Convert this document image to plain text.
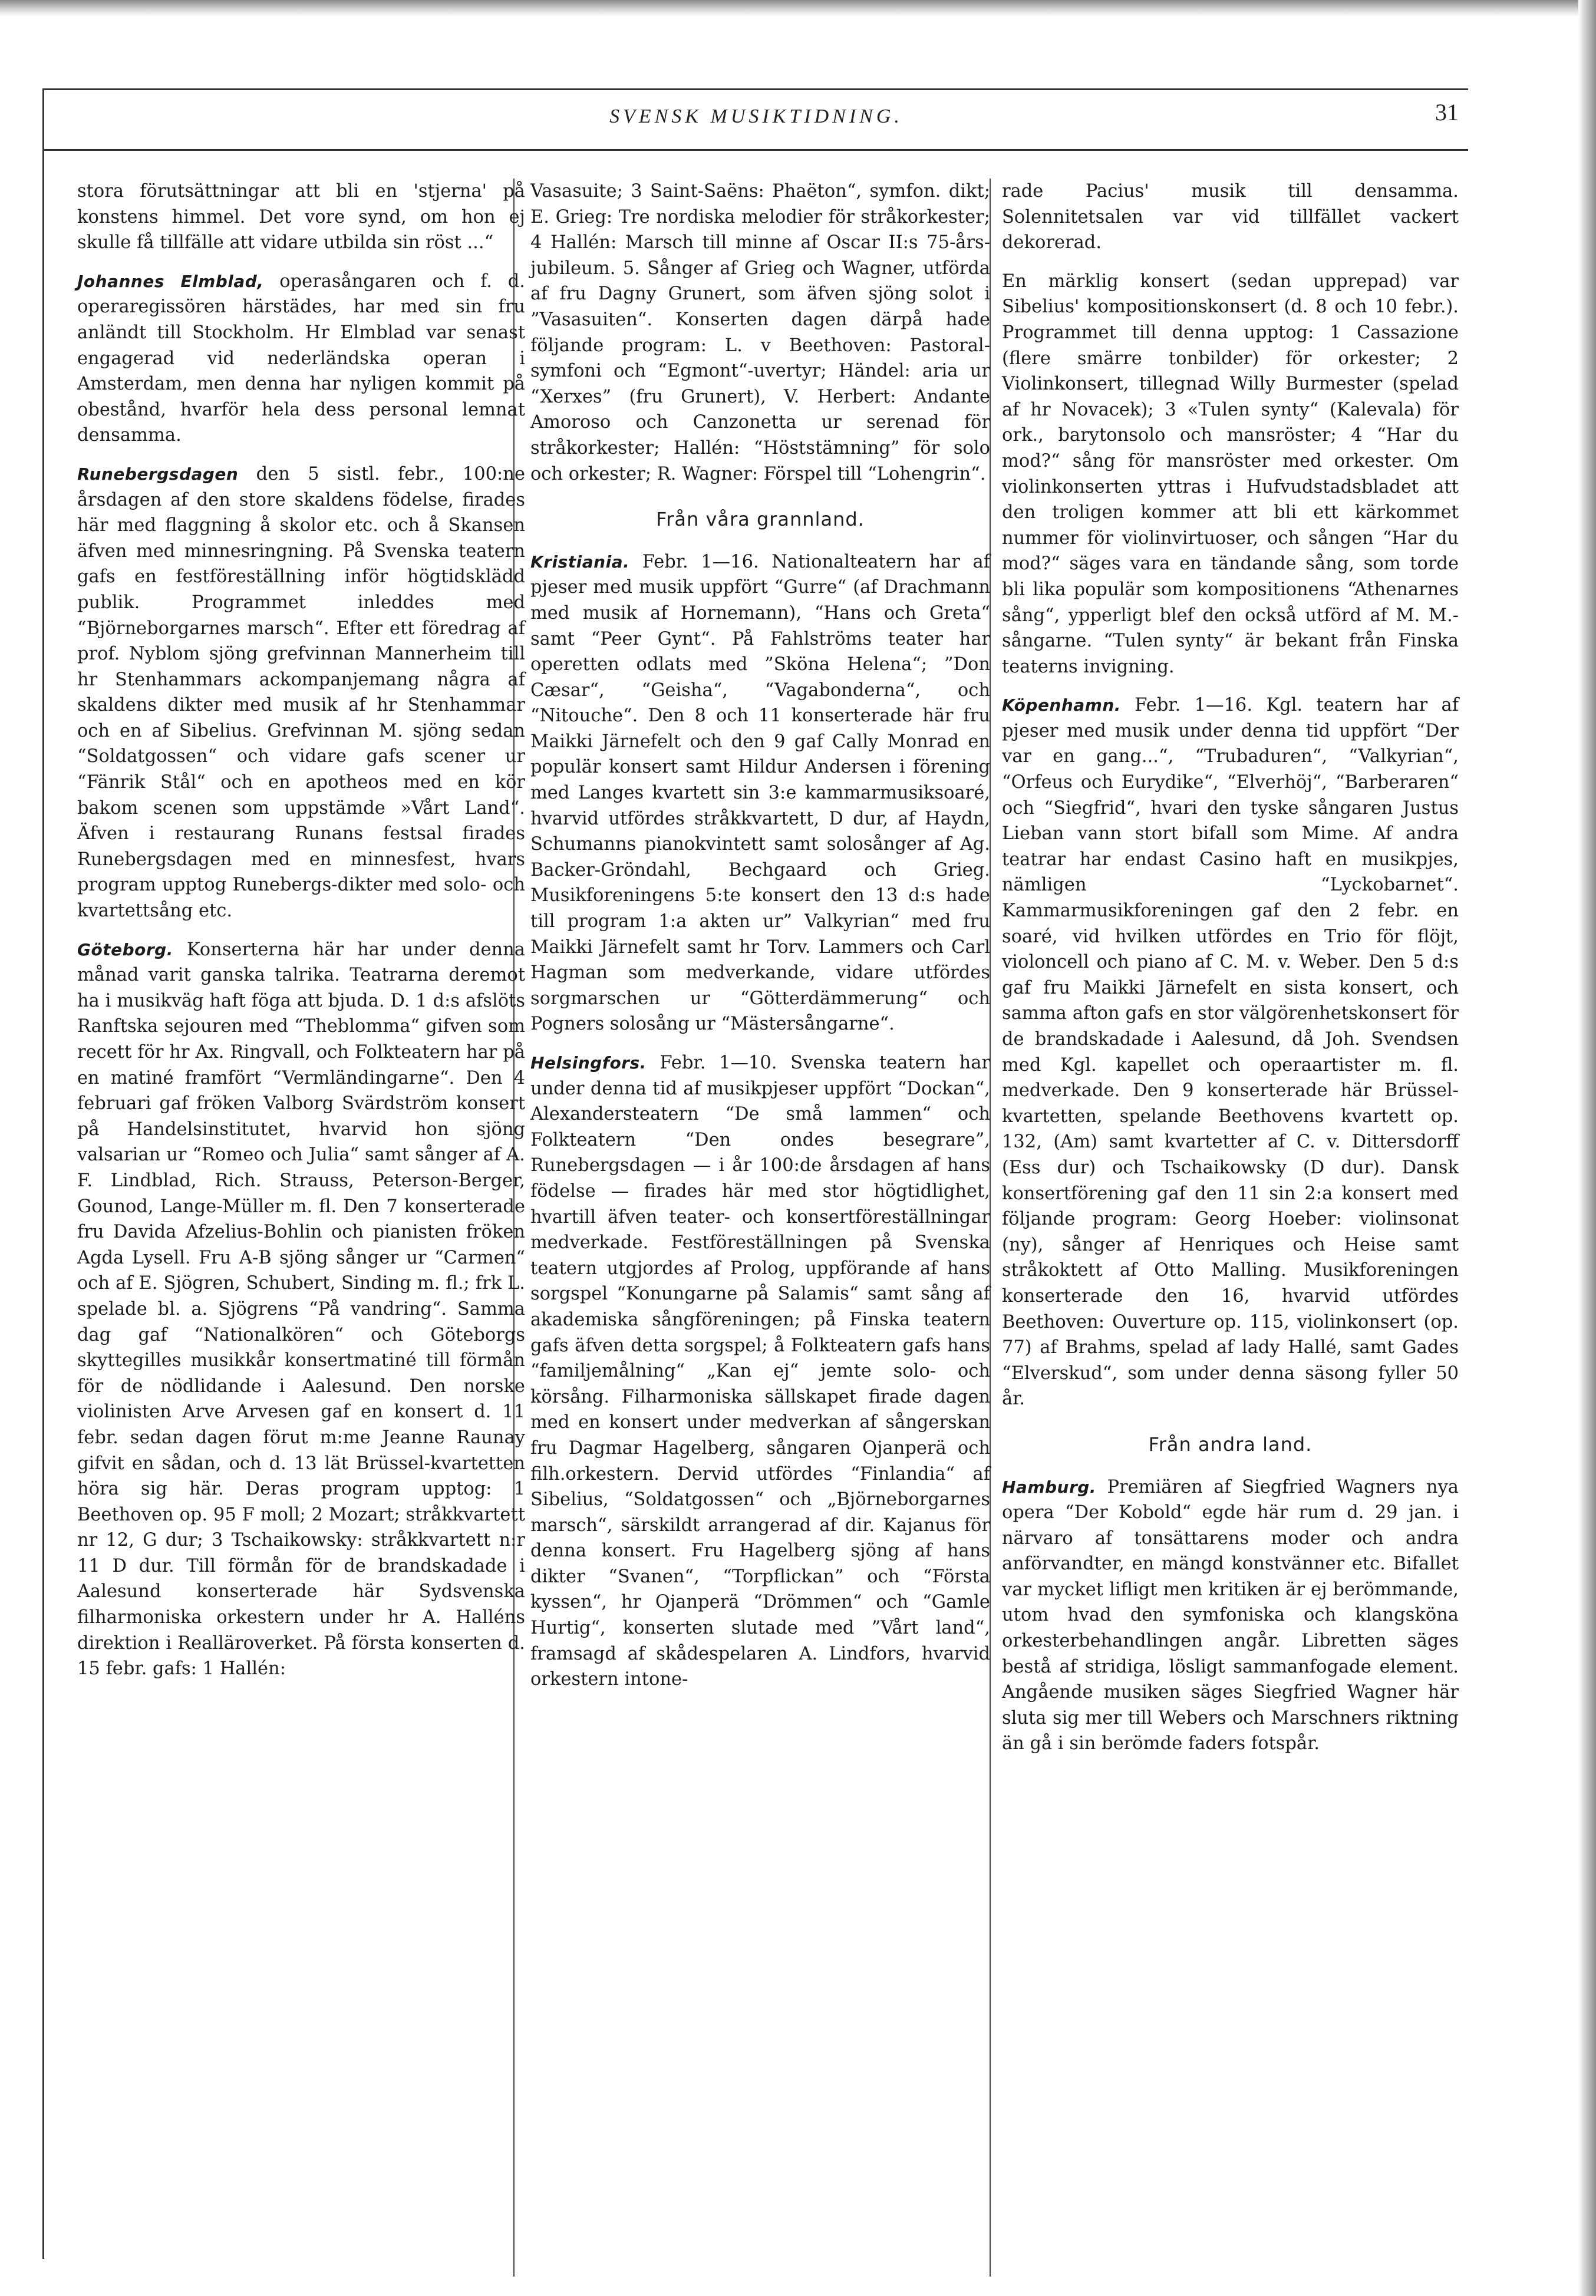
SVENSK MUSIKTIDNING.	31

stora förutsättningar att bli en 'stjerna' på konstens himmel. Det vore synd, om hon ej skulle få tillfälle att vidare utbilda sin röst ...“

Johannes Elmblad, operasångaren och f. d. operaregissören härstädes, har med sin fru anländt till Stockholm. Hr Elmblad var senast engagerad vid nederländska operan i Amsterdam, men denna har nyligen kommit på obestånd, hvarför hela dess personal lemnat densamma.

Runebergsdagen den 5 sistl. febr., 100:ne årsdagen af den store skaldens födelse, firades här med flaggning å skolor etc. och å Skansen äfven med minnesringning. På Svenska teatern gafs en festföreställning inför högtidsklädd publik. Programmet inleddes med “Björneborgarnes marsch“. Efter ett föredrag af prof. Nyblom sjöng grefvinnan Mannerheim till hr Stenhammars ackompanjemang några af skaldens dikter med musik af hr Stenhammar och en af Sibelius. Grefvinnan M. sjöng sedan “Soldatgossen“ och vidare gafs scener ur “Fänrik Stål“ och en apotheos med en kör bakom scenen som uppstämde »Vårt Land“. Äfven i restaurang Runans festsal firades Runebergsdagen med en minnesfest, hvars program upptog Runebergs-dikter med solo- och kvartettsång etc.

Göteborg. Konserterna här har under denna månad varit ganska talrika. Teatrarna deremot ha i musikväg haft föga att bjuda. D. 1 d:s afslöts Ranftska sejouren med “Theblomma“ gifven som recett för hr Ax. Ringvall, och Folkteatern har på en matiné framfört “Vermländingarne“. Den 4 februari gaf fröken Valborg Svärdström konsert på Handelsinstitutet, hvarvid hon sjöng valsarian ur “Romeo och Julia“ samt sånger af A. F. Lindblad, Rich. Strauss, Peterson-Berger, Gounod, Lange-Müller m. fl. Den 7 konserterade fru Davida Afzelius-Bohlin och pianisten fröken Agda Lysell. Fru A-B sjöng sånger ur “Carmen“ och af E. Sjögren, Schubert, Sinding m. fl.; frk L. spelade bl. a. Sjögrens “På vandring“. Samma dag gaf “Nationalkören“ och Göteborgs skyttegilles musikkår konsertmatiné till förmån för de nödlidande i Aalesund. Den norske violinisten Arve Arvesen gaf en konsert d. 11 febr. sedan dagen förut m:me Jeanne Raunay gifvit en sådan, och d. 13 lät Brüssel-kvartetten höra sig här. Deras program upptog: 1 Beethoven op. 95 F moll; 2 Mozart; stråkkvartett nr 12, G dur; 3 Tschaikowsky: stråkkvartett n:r 11 D dur. Till förmån för de brandskadade i Aalesund konserterade här Sydsvenska filharmoniska orkestern under hr A. Halléns direktion i Realläroverket. På första konserten d. 15 febr. gafs: 1 Hallén:

Vasasuite; 3 Saint-Saëns: Phaëton“, symfon. dikt; E. Grieg: Tre nordiska melodier för stråkorkester; 4 Hallén: Marsch till minne af Oscar II:s 75-års-jubileum. 5. Sånger af Grieg och Wagner, utförda af fru Dagny Grunert, som äfven sjöng solot i ”Vasasuiten“. Konserten dagen därpå hade följande program: L. v Beethoven: Pastoral-symfoni och “Egmont“-uvertyr; Händel: aria ur “Xerxes” (fru Grunert), V. Herbert: Andante Amoroso och Canzonetta ur serenad för stråkorkester; Hallén: “Höststämning” för solo och orkester; R. Wagner: Förspel till “Lohengrin“.

Från våra grannland.

Kristiania. Febr. 1—16. Nationalteatern har af pjeser med musik uppfört “Gurre“ (af Drachmann med musik af Hornemann), “Hans och Greta“ samt “Peer Gynt“. På Fahlströms teater har operetten odlats med ”Sköna Helena“; ”Don Cæsar“, “Geisha“, “Vagabonderna“, och “Nitouche“. Den 8 och 11 konserterade här fru Maikki Järnefelt och den 9 gaf Cally Monrad en populär konsert samt Hildur Andersen i förening med Langes kvartett sin 3:e kammarmusiksoaré, hvarvid utfördes stråkkvartett, D dur, af Haydn, Schumanns pianokvintett samt solosånger af Ag. Backer-Gröndahl, Bechgaard och Grieg. Musikforeningens 5:te konsert den 13 d:s hade till program 1:a akten ur” Valkyrian“ med fru Maikki Järnefelt samt hr Torv. Lammers och Carl Hagman som medverkande, vidare utfördes sorgmarschen ur “Götterdämmerung“ och Pogners solosång ur “Mästersångarne“.

Helsingfors. Febr. 1—10. Svenska teatern har under denna tid af musikpjeser uppfört “Dockan“, Alexandersteatern “De små lammen“ och Folkteatern “Den ondes besegrare”, Runebergsdagen — i år 100:de årsdagen af hans födelse — firades här med stor högtidlighet, hvartill äfven teater- och konsertföreställningar medverkade. Festföreställningen på Svenska teatern utgjordes af Prolog, uppförande af hans sorgspel “Konungarne på Salamis“ samt sång af akademiska sångföreningen; på Finska teatern gafs äfven detta sorgspel; å Folkteatern gafs hans “familjemålning“ „Kan ej“ jemte solo- och körsång. Filharmoniska sällskapet firade dagen med en konsert under medverkan af sångerskan fru Dagmar Hagelberg, sångaren Ojanperä och filh.orkestern. Dervid utfördes “Finlandia“ af Sibelius, “Soldatgossen“ och „Björneborgarnes marsch“, särskildt arrangerad af dir. Kajanus för denna konsert. Fru Hagelberg sjöng af hans dikter “Svanen“, “Torpflickan” och “Första kyssen“, hr Ojanperä “Drömmen“ och “Gamle Hurtig“, konserten slutade med ”Vårt land“, framsagd af skådespelaren A. Lindfors, hvarvid orkestern intone-

rade Pacius' musik till densamma. Solennitetsalen var vid tillfället vackert dekorerad.

En märklig konsert (sedan upprepad) var Sibelius' kompositionskonsert (d. 8 och 10 febr.). Programmet till denna upptog: 1 Cassazione (flere smärre tonbilder) för orkester; 2 Violinkonsert, tillegnad Willy Burmester (spelad af hr Novacek); 3 «Tulen synty“ (Kalevala) för ork., barytonsolo och mansröster; 4 “Har du mod?“ sång för mansröster med orkester. Om violinkonserten yttras i Hufvudstadsbladet att den troligen kommer att bli ett kärkommet nummer för violinvirtuoser, och sången “Har du mod?“ säges vara en tändande sång, som torde bli lika populär som kompositionens “Athenarnes sång“, ypperligt blef den också utförd af M. M.-sångarne. “Tulen synty“ är bekant från Finska teaterns invigning.

Köpenhamn. Febr. 1—16. Kgl. teatern har af pjeser med musik under denna tid uppfört “Der var en gang...“, “Trubaduren“, “Valkyrian“, “Orfeus och Eurydike“, “Elverhöj“, “Barberaren“ och “Siegfrid“, hvari den tyske sångaren Justus Lieban vann stort bifall som Mime. Af andra teatrar har endast Casino haft en musikpjes, nämligen “Lyckobarnet“. Kammarmusikforeningen gaf den 2 febr. en soaré, vid hvilken utfördes en Trio för flöjt, violoncell och piano af C. M. v. Weber. Den 5 d:s gaf fru Maikki Järnefelt en sista konsert, och samma afton gafs en stor välgörenhetskonsert för de brandskadade i Aalesund, då Joh. Svendsen med Kgl. kapellet och operaartister m. fl. medverkade. Den 9 konserterade här Brüssel-kvartetten, spelande Beethovens kvartett op. 132, (Am) samt kvartetter af C. v. Dittersdorff (Ess dur) och Tschaikowsky (D dur). Dansk konsertförening gaf den 11 sin 2:a konsert med följande program: Georg Hoeber: violinsonat (ny), sånger af Henriques och Heise samt stråkoktett af Otto Malling. Musikforeningen konserterade den 16, hvarvid utfördes Beethoven: Ouverture op. 115, violinkonsert (op. 77) af Brahms, spelad af lady Hallé, samt Gades “Elverskud“, som under denna säsong fyller 50 år.

Från andra land.

Hamburg. Premiären af Siegfried Wagners nya opera “Der Kobold“ egde här rum d. 29 jan. i närvaro af tonsättarens moder och andra anförvandter, en mängd konstvänner etc. Bifallet var mycket lifligt men kritiken är ej berömmande, utom hvad den symfoniska och klangsköna orkesterbehandlingen angår. Libretten säges bestå af stridiga, lösligt sammanfogade element. Angående musiken säges Siegfried Wagner här sluta sig mer till Webers och Marschners riktning än gå i sin berömde faders fotspår.
